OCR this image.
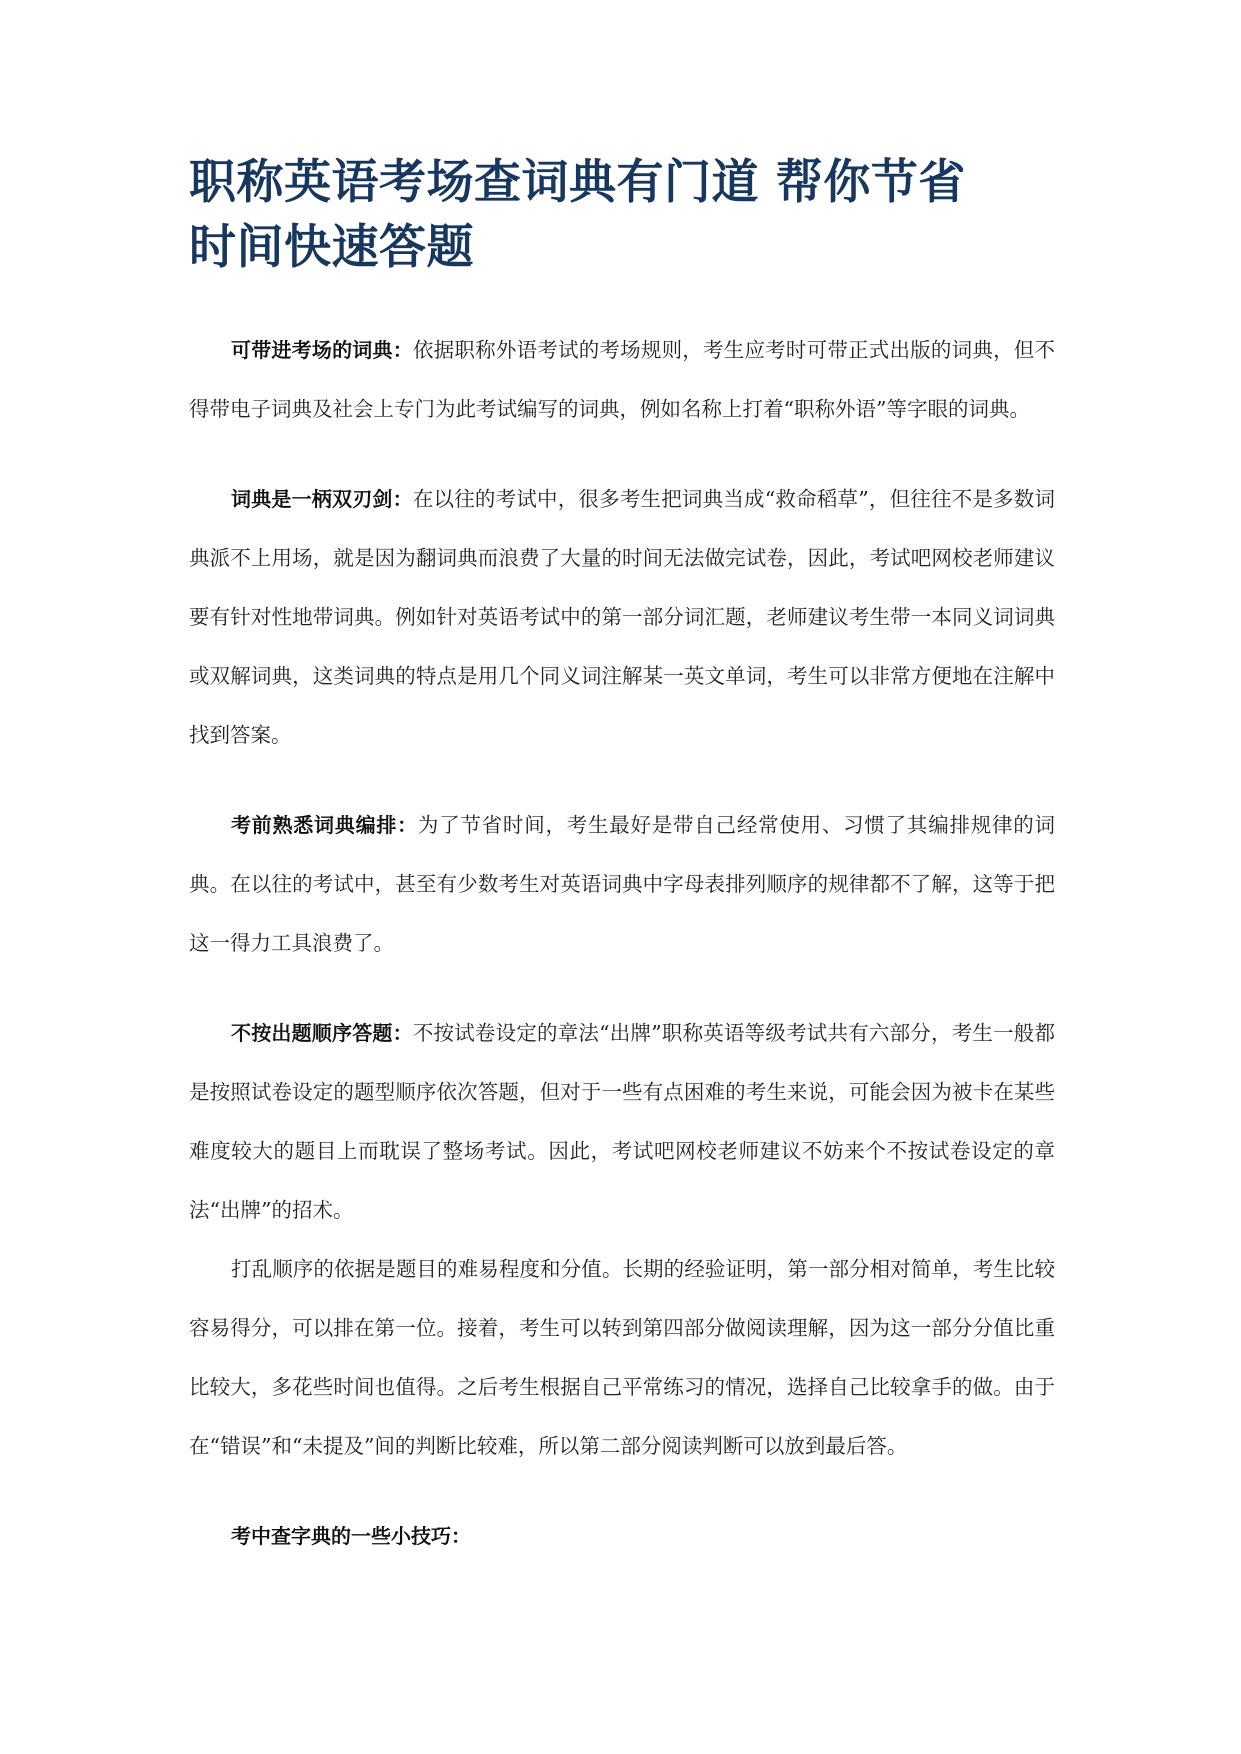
职称英语考场查词典有门道 帮你节省
时间快速答题

可带进考场的词典：依据职称外语考试的考场规则，考生应考时可带正式出版的词典，但不得带电子词典及社会上专门为此考试编写的词典，例如名称上打着“职称外语”等字眼的词典。

词典是一柄双刃剑：在以往的考试中，很多考生把词典当成“救命稻草”，但往往不是多数词典派不上用场，就是因为翻词典而浪费了大量的时间无法做完试卷，因此，考试吧网校老师建议要有针对性地带词典。例如针对英语考试中的第一部分词汇题，老师建议考生带一本同义词词典或双解词典，这类词典的特点是用几个同义词注解某一英文单词，考生可以非常方便地在注解中找到答案。

考前熟悉词典编排：为了节省时间，考生最好是带自己经常使用、习惯了其编排规律的词典。在以往的考试中，甚至有少数考生对英语词典中字母表排列顺序的规律都不了解，这等于把这一得力工具浪费了。

不按出题顺序答题：不按试卷设定的章法“出牌”职称英语等级考试共有六部分，考生一般都是按照试卷设定的题型顺序依次答题，但对于一些有点困难的考生来说，可能会因为被卡在某些难度较大的题目上而耽误了整场考试。因此，考试吧网校老师建议不妨来个不按试卷设定的章法“出牌”的招术。

打乱顺序的依据是题目的难易程度和分值。长期的经验证明，第一部分相对简单，考生比较容易得分，可以排在第一位。接着，考生可以转到第四部分做阅读理解，因为这一部分分值比重比较大，多花些时间也值得。之后考生根据自己平常练习的情况，选择自己比较拿手的做。由于在“错误”和“未提及”间的判断比较难，所以第二部分阅读判断可以放到最后答。

考中查字典的一些小技巧：
